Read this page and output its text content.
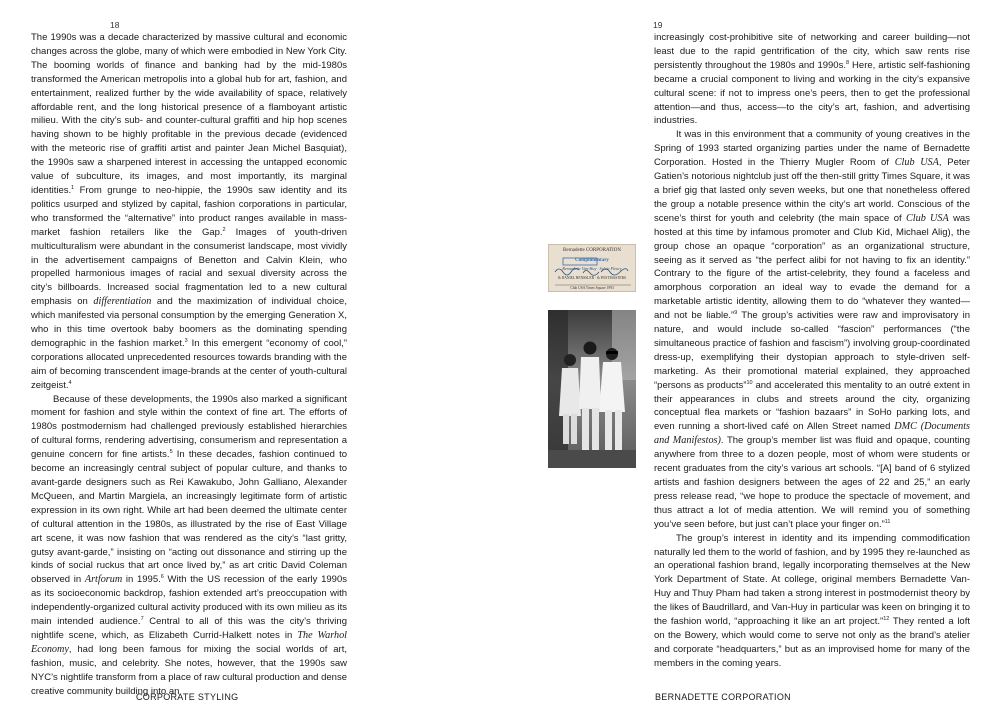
18

The 1990s was a decade characterized by massive cultural and economic changes across the globe, many of which were embodied in New York City. The booming worlds of finance and banking had by the mid-1980s transformed the American metropolis into a global hub for art, fashion, and entertainment, realized further by the wide availability of space, relatively affordable rent, and the long historical presence of a flamboyant artistic milieu. With the city’s sub- and counter-cultural graffiti and hip hop scenes having shown to be highly profitable in the previous decade (evidenced with the meteoric rise of graffiti artist and painter Jean Michel Basquiat), the 1990s saw a sharpened interest in accessing the untapped economic value of subculture, its images, and most importantly, its marginal identities.$^1$ From grunge to neo-hippie, the 1990s saw identity and its politics usurped and stylized by capital, fashion corporations in particular, who transformed the “alternative” into product ranges available in mass-market fashion retailers like the Gap.$^2$ Images of youth-driven multiculturalism were abundant in the consumerist landscape, most vividly in the advertisement campaigns of Benetton and Calvin Klein, who propelled harmonious images of racial and sexual diversity across the city’s billboards. Increased social fragmentation led to a new cultural emphasis on differentiation and the maximization of individual choice, which manifested via personal consumption by the emerging Generation X, who in this time overtook baby boomers as the dominating spending demographic in the fashion market.$^3$ In this emergent “economy of cool,” corporations allocated unprecedented resources towards branding with the aim of becoming transcendent image-brands at the center of youth-cultural zeitgeist.$^4$

Because of these developments, the 1990s also marked a significant moment for fashion and style within the context of fine art. The efforts of 1980s postmodernism had challenged previously established hierarchies of cultural forms, rendering advertising, consumerism and representation a genuine concern for fine artists.$^5$ In these decades, fashion continued to become an increasingly central subject of popular culture, and thanks to avant-garde designers such as Rei Kawakubo, John Galliano, Alexander McQueen, and Martin Margiela, an increasingly legitimate form of artistic expression in its own right. While art had been deemed the ultimate center of cultural attention in the 1980s, as illustrated by the rise of East Village art scene, it was now fashion that was rendered as the city’s “last gritty, gutsy avant-garde,” insisting on “acting out dissonance and stirring up the kinds of social ruckus that art once lived by,” as art critic David Coleman observed in Artforum in 1995.$^6$ With the US recession of the early 1990s as its socioeconomic backdrop, fashion extended art’s preoccupation with independently-organized cultural activity produced with its own milieu as its main intended audience.$^7$ Central to all of this was the city’s thriving nightlife scene, which, as Elizabeth Currid-Halkett notes in The Warhol Economy, had long been famous for mixing the social worlds of art, fashion, music, and celebrity. She notes, however, that the 1990s saw NYC’s nightlife transform from a place of raw cultural production and dense creative community building into an

CORPORATE STYLING
19

increasingly cost-prohibitive site of networking and career building—not least due to the rapid gentrification of the city, which saw rents rise persistently throughout the 1980s and 1990s.$^8$ Here, artistic self-fashioning became a crucial component to living and working in the city’s expansive cultural scene: if not to impress one’s peers, then to get the professional attention—and thus, access—to the city’s art, fashion, and advertising industries.

It was in this environment that a community of young creatives in the Spring of 1993 started organizing parties under the name of Bernadette Corporation. Hosted in the Thierry Mugler Room of Club USA, Peter Gatien’s notorious nightclub just off the then-still gritty Times Square, it was a brief gig that lasted only seven weeks, but one that nonetheless offered the group a notable presence within the city’s art world. Conscious of the scene’s thirst for youth and celebrity (the main space of Club USA was hosted at this time by infamous promoter and Club Kid, Michael Alig), the group chose an opaque “corporation” as an organizational structure, seeing as it served as “the perfect alibi for not having to fix an identity.” Contrary to the figure of the artist-celebrity, they found a faceless and amorphous corporation an ideal way to evade the demand for a marketable artistic identity, allowing them to do “whatever they wanted—and not be liable.”$^9$ The group’s activities were raw and improvisatory in nature, and would include so-called “fascion” performances (“the simultaneous practice of fashion and fascism”) involving group-coordinated dress-up, exemplifying their dystopian approach to style-driven self-marketing. As their promotional material explained, they approached “persons as products”$^{10}$ and accelerated this mentality to an outré extent in their appearances in clubs and streets around the city, organizing conceptual flea markets or “fashion bazaars” in SoHo parking lots, and even running a short-lived café on Allen Street named DMC (Documents and Manifestos). The group’s member list was fluid and opaque, counting anywhere from three to a dozen people, most of whom were students or recent graduates from the city’s various art schools. “[A] band of 6 stylized artists and fashion designers between the ages of 22 and 25,” an early press release read, “we hope to produce the spectacle of movement, and thus attract a lot of media attention. We will remind you of something you’ve seen before, but just can’t place your finger on.”$^{11}$

The group’s interest in identity and its impending commodification naturally led them to the world of fashion, and by 1995 they re-launched as an operational fashion brand, legally incorporating themselves at the New York Department of State. At college, original members Bernadette Van-Huy and Thuy Pham had taken a strong interest in postmodernist theory by the likes of Baudrillard, and Van-Huy in particular was keen on bringing it to the fashion world, “approaching it like an art project.”$^{12}$ They rented a loft on the Bowery, which would come to serve not only as the brand’s atelier and corporate “headquarters,” but as an improvised home for many of the members in the coming years.

BERNADETTE CORPORATION
Bernadette CORPORATION
Complimentary
Bernadette Van-Huy · Sylvie Fleury
& DANIEL HENSSLER · & POSTMASTERS
Club USA Times Square 1993
